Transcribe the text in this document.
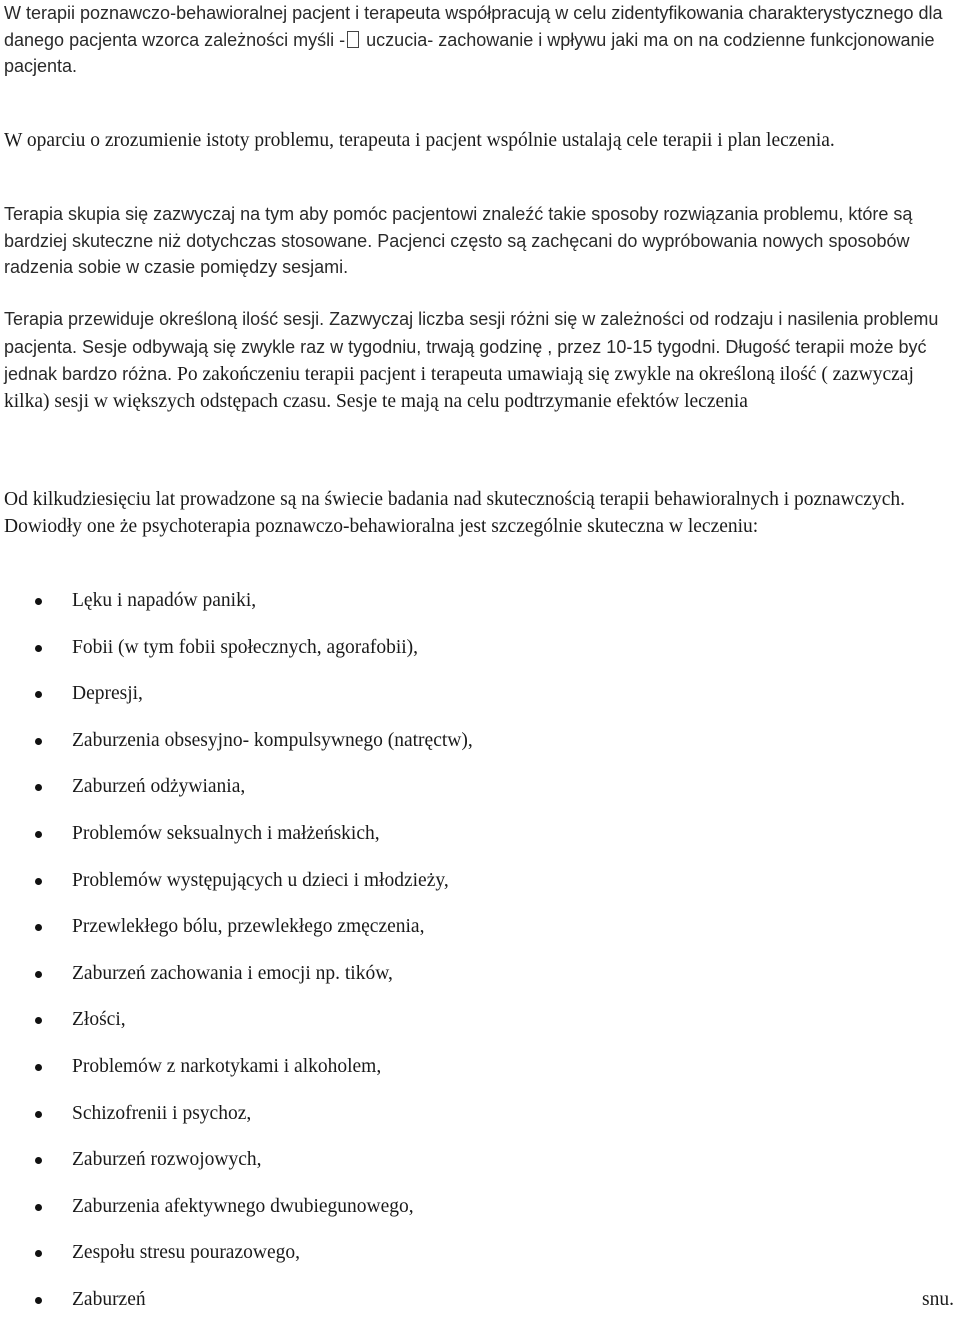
W terapii poznawczo-behawioralnej pacjent i terapeuta współpracują w celu zidentyfikowania charakterystycznego dla danego pacjenta wzorca zależności myśli - uczucia- zachowanie i wpływu jaki ma on na codzienne funkcjonowanie pacjenta.

W oparciu o zrozumienie istoty problemu, terapeuta i pacjent wspólnie ustalają cele terapii i plan leczenia.

Terapia skupia się zazwyczaj na tym aby pomóc pacjentowi znaleźć takie sposoby rozwiązania problemu, które są bardziej skuteczne niż dotychczas stosowane. Pacjenci często są zachęcani do wypróbowania nowych sposobów radzenia sobie w czasie pomiędzy sesjami.

Terapia przewiduje określoną ilość sesji. Zazwyczaj liczba sesji różni się w zależności od rodzaju i nasilenia problemu pacjenta. Sesje odbywają się zwykle raz w tygodniu, trwają godzinę , przez 10-15 tygodni. Długość terapii może być jednak bardzo różna. Po zakończeniu terapii pacjent i terapeuta umawiają się zwykle na określoną ilość ( zazwyczaj kilka) sesji w większych odstępach czasu. Sesje te mają na celu podtrzymanie efektów leczenia

Od kilkudziesięciu lat prowadzone są na świecie badania nad skutecznością terapii behawioralnych i poznawczych. Dowiodły one że psychoterapia poznawczo-behawioralna jest szczególnie skuteczna w leczeniu:

Lęku i napadów paniki,
Fobii (w tym fobii społecznych, agorafobii),
Depresji,
Zaburzenia obsesyjno- kompulsywnego (natręctw),
Zaburzeń odżywiania,
Problemów seksualnych i małżeńskich,
Problemów występujących u dzieci i młodzieży,
Przewlekłego bólu, przewlekłego zmęczenia,
Zaburzeń zachowania i emocji np. tików,
Złości,
Problemów z narkotykami i alkoholem,
Schizofrenii i psychoz,
Zaburzeń rozwojowych,
Zaburzenia afektywnego dwubiegunowego,
Zespołu stresu pourazowego,
Zaburzeń	snu.
